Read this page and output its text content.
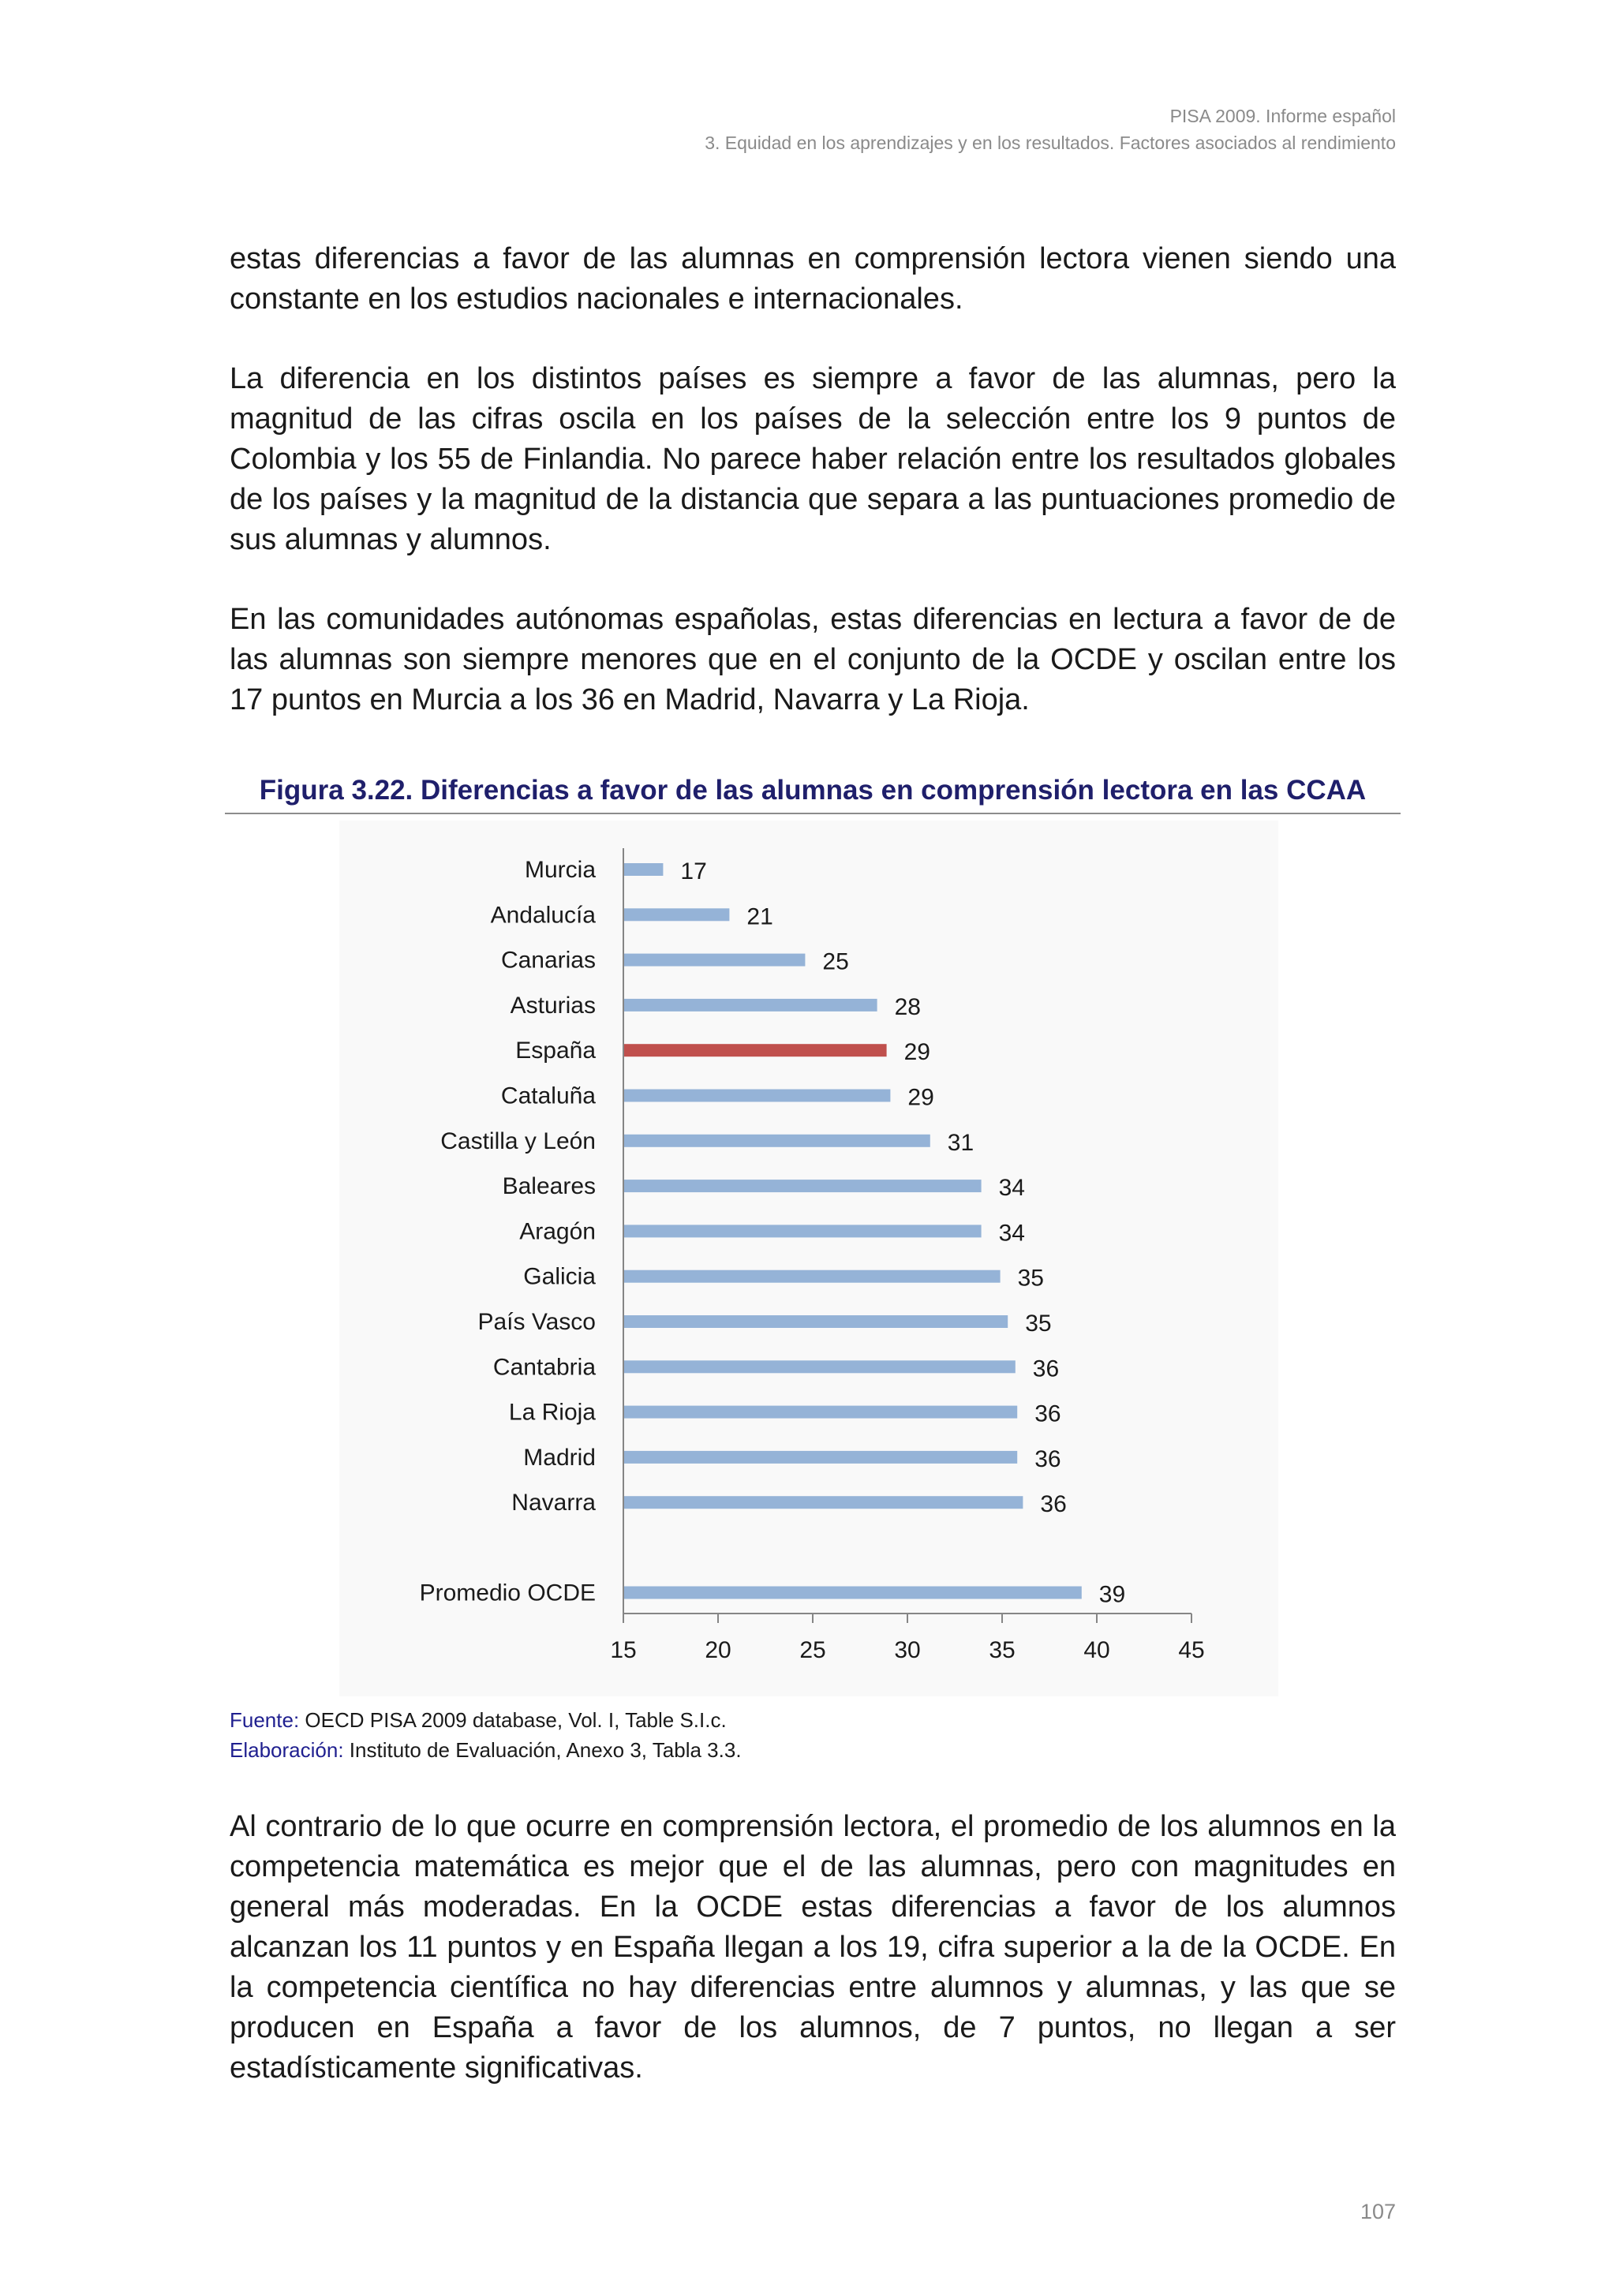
PISA 2009. Informe español
3. Equidad en los aprendizajes y en los resultados. Factores asociados al rendimiento

estas diferencias a favor de las alumnas en comprensión lectora vienen siendo una constante en los estudios nacionales e internacionales.

La diferencia en los distintos países es siempre a favor de las alumnas, pero la magnitud de las cifras oscila en los países de la selección entre los 9 puntos de Colombia y los 55 de Finlandia. No parece haber relación entre los resultados globales de los países y la magnitud de la distancia que separa a las puntuaciones promedio de sus alumnas y alumnos.

En las comunidades autónomas españolas, estas diferencias en lectura a favor de de las alumnas son siempre menores que en el conjunto de la OCDE y oscilan entre los 17 puntos en Murcia a los 36 en Madrid, Navarra y La Rioja.

Figura 3.22. Diferencias a favor de las alumnas en comprensión lectora en las CCAA
Murcia	17
Andalucía	21
Canarias	25
Asturias	28
España	29
Cataluña	29
Castilla y León	31
Baleares	34
Aragón	34
Galicia	35
País Vasco	35
Cantabria	36
La Rioja	36
Madrid	36
Navarra	36
Promedio OCDE	39
15	20	25	30	35	40	45
Fuente: OECD PISA 2009 database, Vol. I, Table S.I.c.
Elaboración: Instituto de Evaluación, Anexo 3, Tabla 3.3.

Al contrario de lo que ocurre en comprensión lectora, el promedio de los alumnos en la competencia matemática es mejor que el de las alumnas, pero con magnitudes en general más moderadas. En la OCDE estas diferencias a favor de los alumnos alcanzan los 11 puntos y en España llegan a los 19, cifra superior a la de la OCDE. En la competencia científica no hay diferencias entre alumnos y alumnas, y las que se producen en España a favor de los alumnos, de 7 puntos, no llegan a ser estadísticamente significativas.

107
